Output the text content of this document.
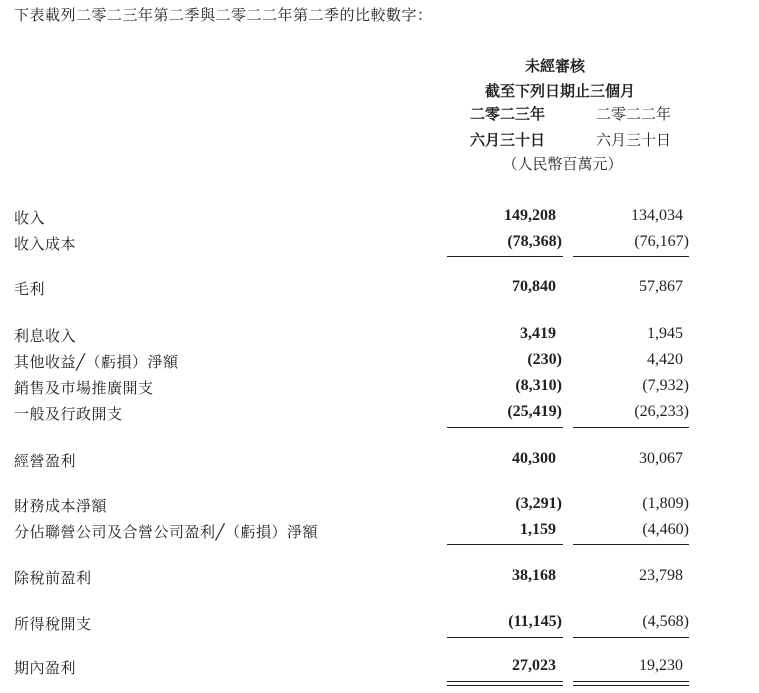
下表載列二零二三年第二季與二零二二年第二季的比較數字：
未經審核
截至下列日期止三個月
二零二三年	二零二二年
六月三十日	六月三十日
（人民幣百萬元）
收入	149,208	134,034
收入成本	(78,368)	(76,167)
毛利	70,840	57,867
利息收入	3,419	1,945
其他收益╱（虧損）淨額	(230)	4,420
銷售及市場推廣開支	(8,310)	(7,932)
一般及行政開支	(25,419)	(26,233)
經營盈利	40,300	30,067
財務成本淨額	(3,291)	(1,809)
分佔聯營公司及合營公司盈利╱（虧損）淨額	1,159	(4,460)
除稅前盈利	38,168	23,798
所得稅開支	(11,145)	(4,568)
期內盈利	27,023	19,230
